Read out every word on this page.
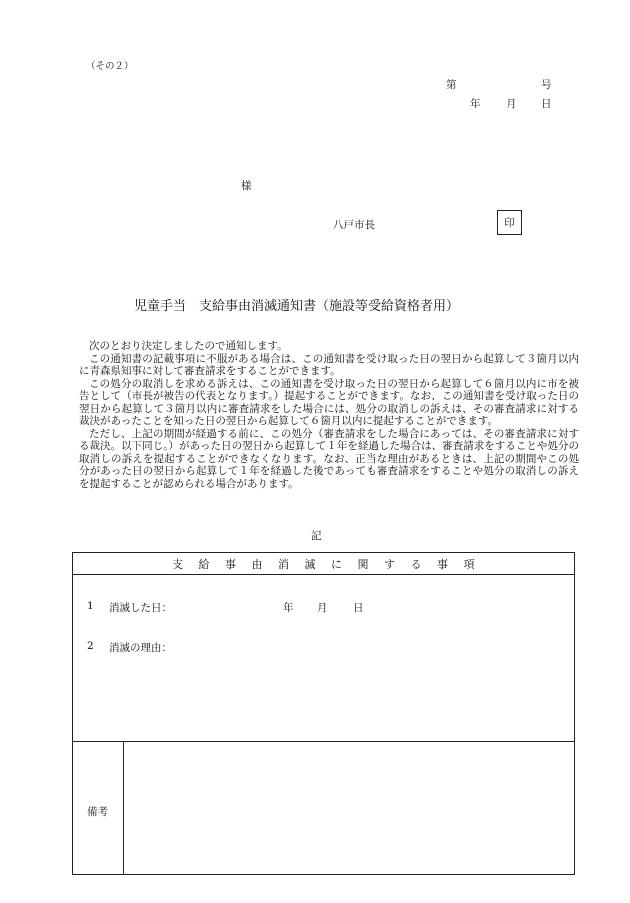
（その２）
第	号
年 月 日
様
八戸市長	印
児童手当　支給事由消滅通知書（施設等受給資格者用）

次のとおり決定しましたので通知します。

この通知書の記載事項に不服がある場合は、この通知書を受け取った日の翌日から起算して３箇月以内に青森県知事に対して審査請求をすることができます。

この処分の取消しを求める訴えは、この通知書を受け取った日の翌日から起算して６箇月以内に市を被告として（市長が被告の代表となります。）提起することができます。なお、この通知書を受け取った日の翌日から起算して３箇月以内に審査請求をした場合には、処分の取消しの訴えは、その審査請求に対する裁決があったことを知った日の翌日から起算して６箇月以内に提起することができます。

ただし、上記の期間が経過する前に、この処分（審査請求をした場合にあっては、その審査請求に対する裁決。以下同じ。）があった日の翌日から起算して１年を経過した場合は、審査請求をすることや処分の取消しの訴えを提起することができなくなります。なお、正当な理由があるときは、上記の期間やこの処分があった日の翌日から起算して１年を経過した後であっても審査請求をすることや処分の取消しの訴えを提起することが認められる場合があります。

記
支給事由消滅に関する事項
1 消滅した日：	年 月 日
2 消滅の理由：
備考
